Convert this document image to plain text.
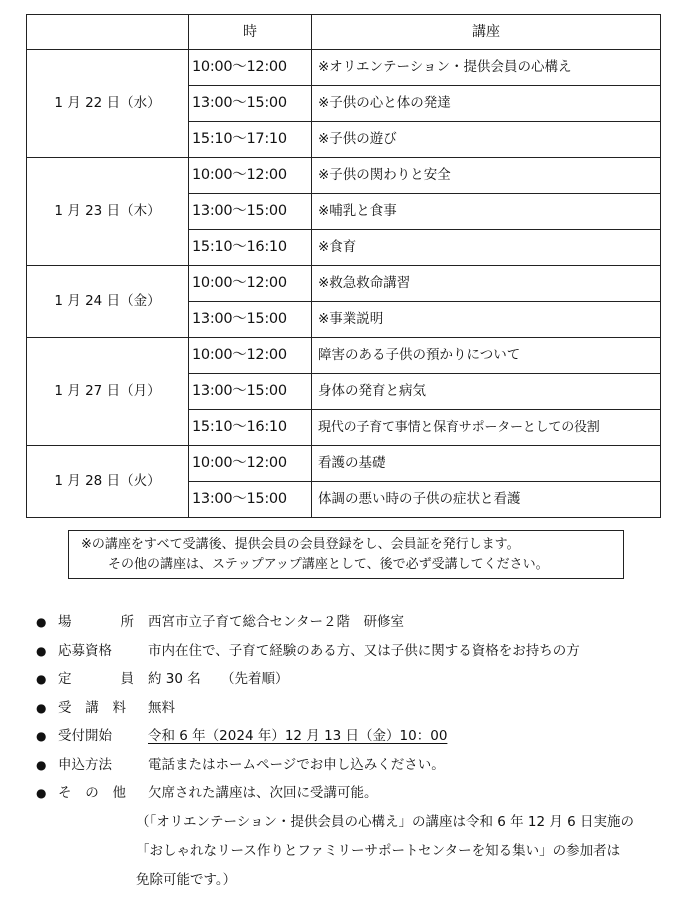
	時	講座
1 月 22 日（水）	10:00～12:00	※オリエンテーション・提供会員の心構え
	13:00～15:00	※子供の心と体の発達
	15:10～17:10	※子供の遊び
1 月 23 日（木）	10:00～12:00	※子供の関わりと安全
	13:00～15:00	※哺乳と食事
	15:10～16:10	※食育
1 月 24 日（金）	10:00～12:00	※救急救命講習
	13:00～15:00	※事業説明
1 月 27 日（月）	10:00～12:00	障害のある子供の預かりについて
	13:00～15:00	身体の発育と病気
	15:10～16:10	現代の子育て事情と保育サポーターとしての役割
1 月 28 日（火）	10:00～12:00	看護の基礎
	13:00～15:00	体調の悪い時の子供の症状と看護
※の講座をすべて受講後、提供会員の会員登録をし、会員証を発行します。
その他の講座は、ステップアップ講座として、後で必ず受講してください。
● 場	所 西宮市立子育て総合センター２階　研修室
● 応募資格	市内在住で、子育て経験のある方、又は子供に関する資格をお持ちの方
● 定	員 約 30 名　　（先着順）
● 受 講 料 無料
● 受付開始	令和 6 年（2024 年）12 月 13 日（金）10：00
● 申込方法	電話またはホームページでお申し込みください。
● そ の 他 欠席された講座は、次回に受講可能。
（「オリエンテーション・提供会員の心構え」の講座は令和 6 年 12 月 6 日実施の
「おしゃれなリース作りとファミリーサポートセンターを知る集い」の参加者は
免除可能です。）
